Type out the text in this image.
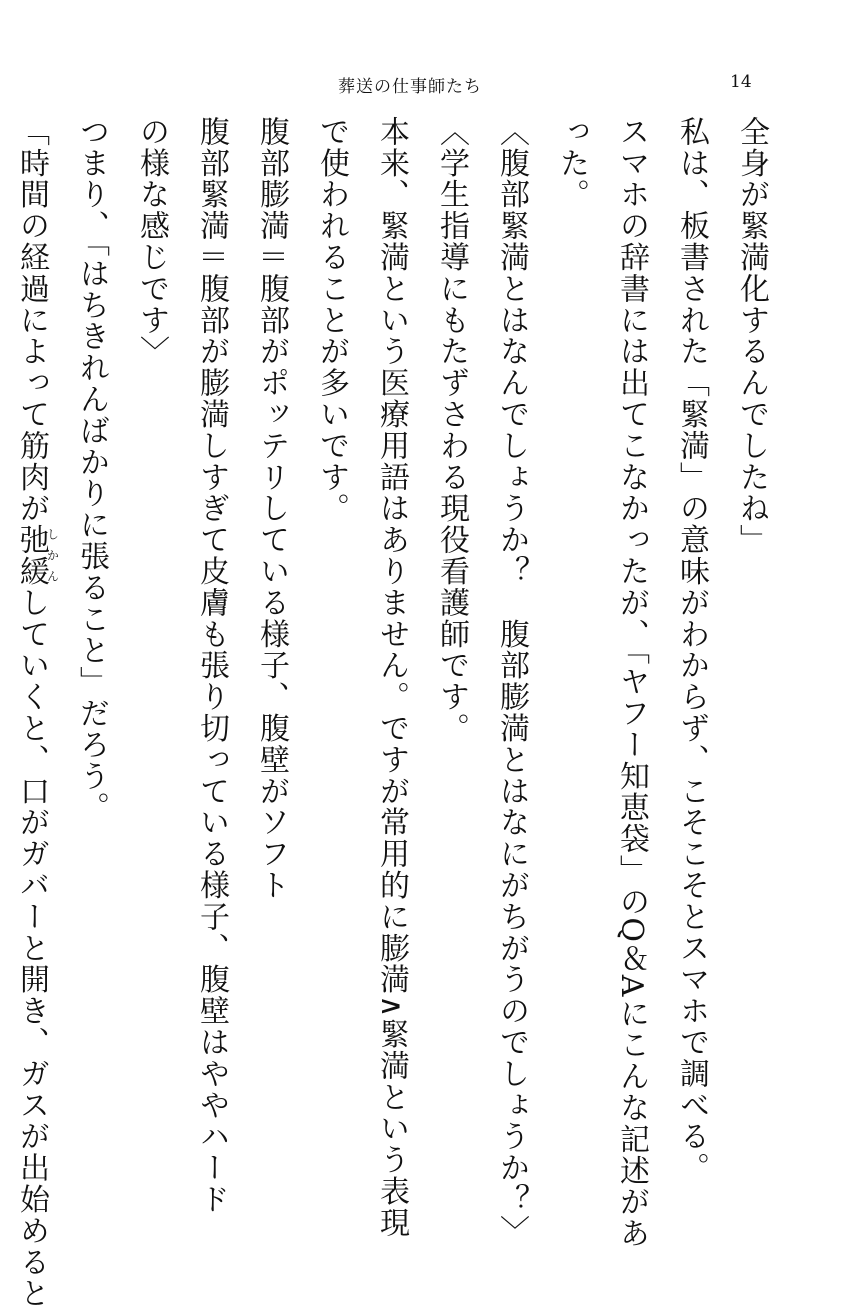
葬送の仕事師たち	14

全身が緊満化するんでしたね」

私は、板書された「緊満」の意味がわからず、こそこそとスマホで調べる。

スマホの辞書には出てこなかったが、「ヤフー知恵袋」のQ＆Aにこんな記述があ

った。

〈腹部緊満とはなんでしょうか？　腹部膨満とはなにがちがうのでしょうか？〉

〈学生指導にもたずさわる現役看護師です。

本来、緊満という医療用語はありません。ですが常用的に膨満∧緊満という表現

で使われることが多いです。

腹部膨満＝腹部がポッテリしている様子、腹壁がソフト

腹部緊満＝腹部が膨満しすぎて皮膚も張り切っている様子、腹壁はややハード

の様な感じです〉

つまり、「はちきれんばかりに張ること」だろう。

「時間の経過によって筋肉が弛緩しかんしていくと、口がガバーと開き、ガスが出始めると
